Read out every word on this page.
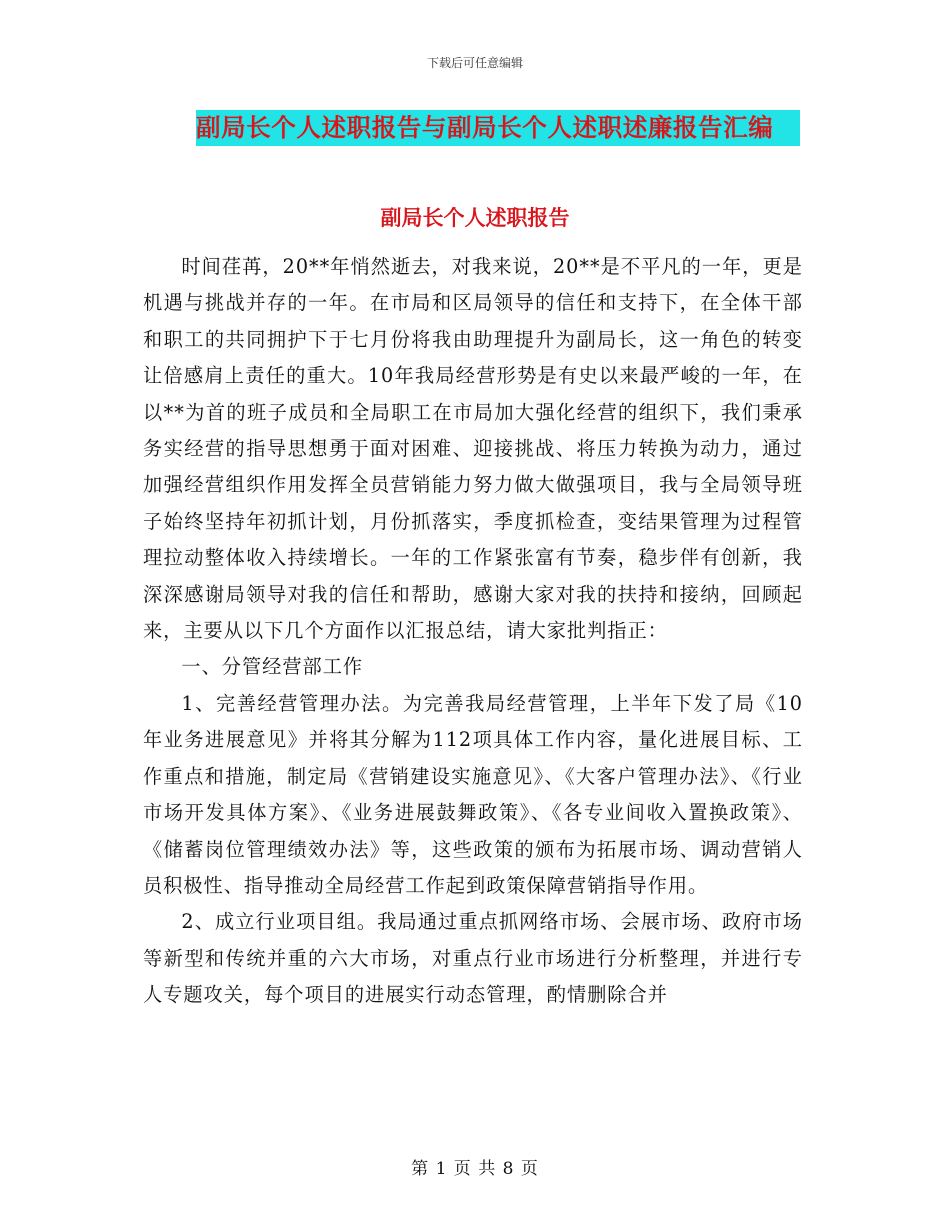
下载后可任意编辑
副局长个人述职报告与副局长个人述职述廉报告汇编
副局长个人述职报告

时间荏苒，20**年悄然逝去，对我来说，20**是不平凡的一年，更是机遇与挑战并存的一年。在市局和区局领导的信任和支持下，在全体干部和职工的共同拥护下于七月份将我由助理提升为副局长，这一角色的转变让倍感肩上责任的重大。10年我局经营形势是有史以来最严峻的一年，在以**为首的班子成员和全局职工在市局加大强化经营的组织下，我们秉承务实经营的指导思想勇于面对困难、迎接挑战、将压力转换为动力，通过加强经营组织作用发挥全员营销能力努力做大做强项目，我与全局领导班子始终坚持年初抓计划，月份抓落实，季度抓检查，变结果管理为过程管理拉动整体收入持续增长。一年的工作紧张富有节奏，稳步伴有创新，我深深感谢局领导对我的信任和帮助，感谢大家对我的扶持和接纳，回顾起来，主要从以下几个方面作以汇报总结，请大家批判指正：

一、分管经营部工作

1、完善经营管理办法。为完善我局经营管理，上半年下发了局《10年业务进展意见》并将其分解为112项具体工作内容，量化进展目标、工作重点和措施，制定局《营销建设实施意见》、《大客户管理办法》、《行业市场开发具体方案》、《业务进展鼓舞政策》、《各专业间收入置换政策》、《储蓄岗位管理绩效办法》等，这些政策的颁布为拓展市场、调动营销人员积极性、指导推动全局经营工作起到政策保障营销指导作用。

2、成立行业项目组。我局通过重点抓网络市场、会展市场、政府市场等新型和传统并重的六大市场，对重点行业市场进行分析整理，并进行专人专题攻关，每个项目的进展实行动态管理，酌情删除合并

第 1 页 共 8 页
